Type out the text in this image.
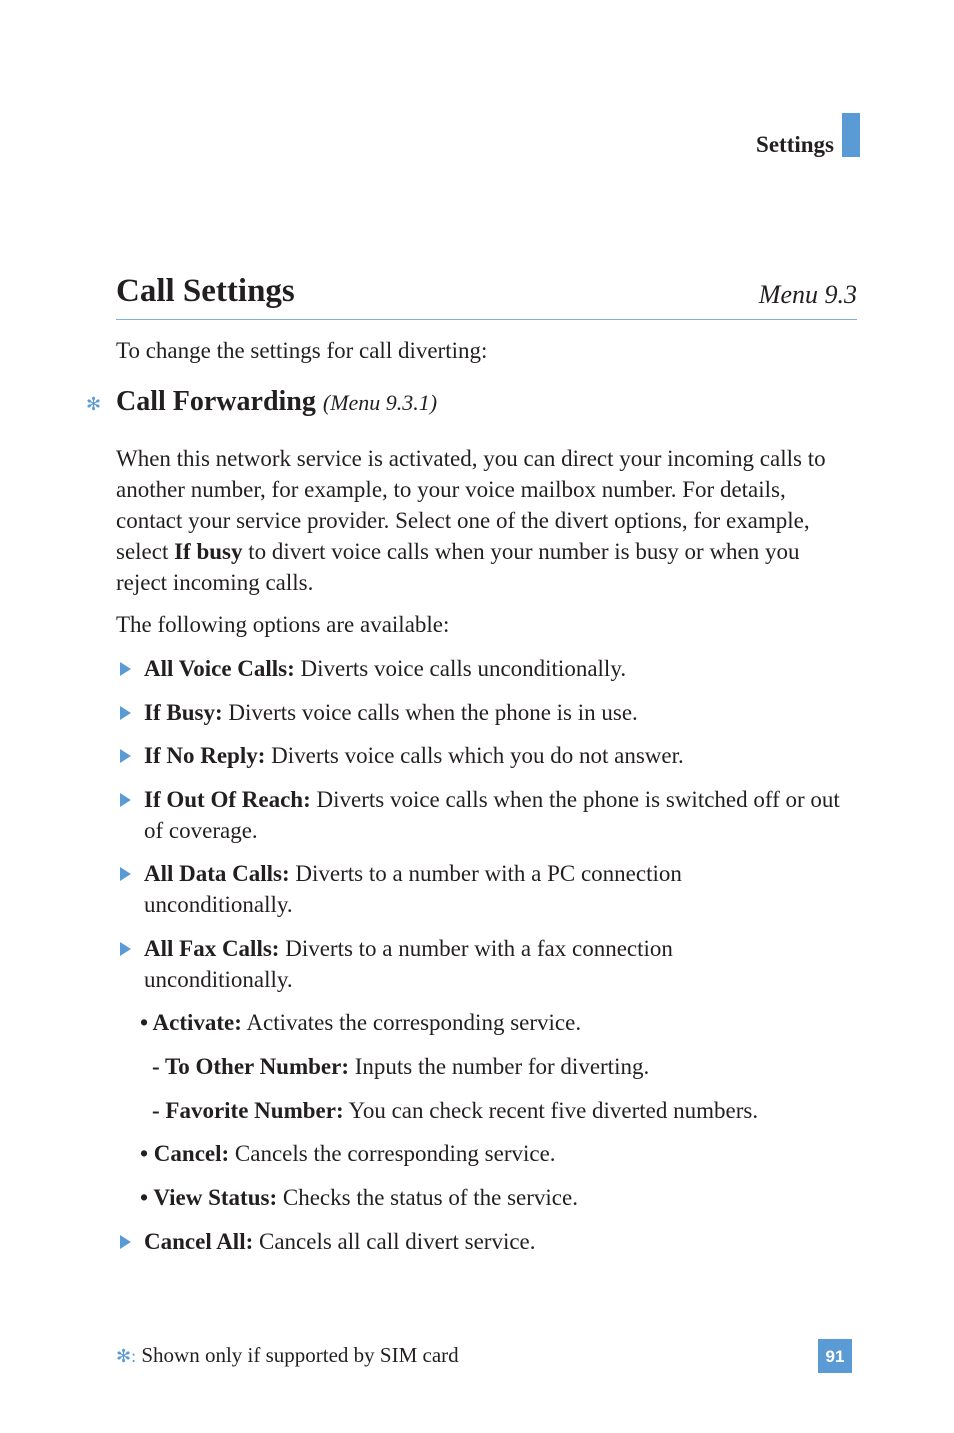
Settings
Call Settings	Menu 9.3
To change the settings for call diverting:
✻ Call Forwarding (Menu 9.3.1)
When this network service is activated, you can direct your incoming calls to another number, for example, to your voice mailbox number. For details, contact your service provider. Select one of the divert options, for example, select If busy to divert voice calls when your number is busy or when you reject incoming calls.
The following options are available:
All Voice Calls: Diverts voice calls unconditionally.
If Busy: Diverts voice calls when the phone is in use.
If No Reply: Diverts voice calls which you do not answer.
If Out Of Reach: Diverts voice calls when the phone is switched off or out of coverage.
All Data Calls: Diverts to a number with a PC connection unconditionally.
All Fax Calls: Diverts to a number with a fax connection unconditionally.
• Activate: Activates the corresponding service.
- To Other Number: Inputs the number for diverting.
- Favorite Number: You can check recent five diverted numbers.
• Cancel: Cancels the corresponding service.
• View Status: Checks the status of the service.
Cancel All: Cancels all call divert service.
✻: Shown only if supported by SIM card	91
